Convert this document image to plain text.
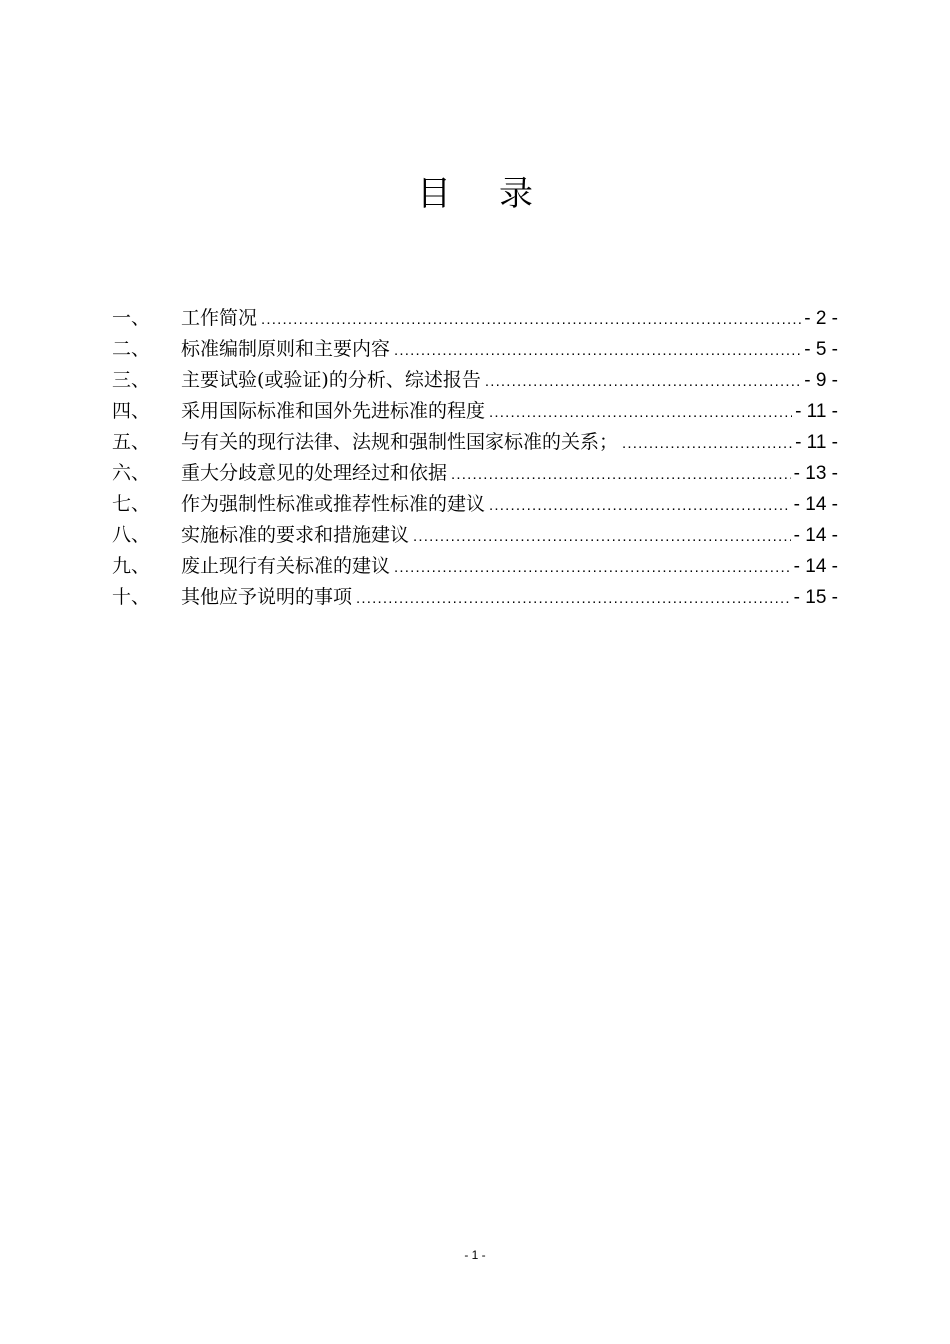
目 录
一、	工作简况 .....	- 2 -
二、	标准编制原则和主要内容 .....	- 5 -
三、	主要试验(或验证)的分析、综述报告 .....	- 9 -
四、	采用国际标准和国外先进标准的程度 .....	- 11 -
五、	与有关的现行法律、法规和强制性国家标准的关系； .....	- 11 -
六、	重大分歧意见的处理经过和依据 .....	- 13 -
七、	作为强制性标准或推荐性标准的建议 .....	- 14 -
八、	实施标准的要求和措施建议 .....	- 14 -
九、	废止现行有关标准的建议 .....	- 14 -
十、	其他应予说明的事项 .....	- 15 -
- 1 -
